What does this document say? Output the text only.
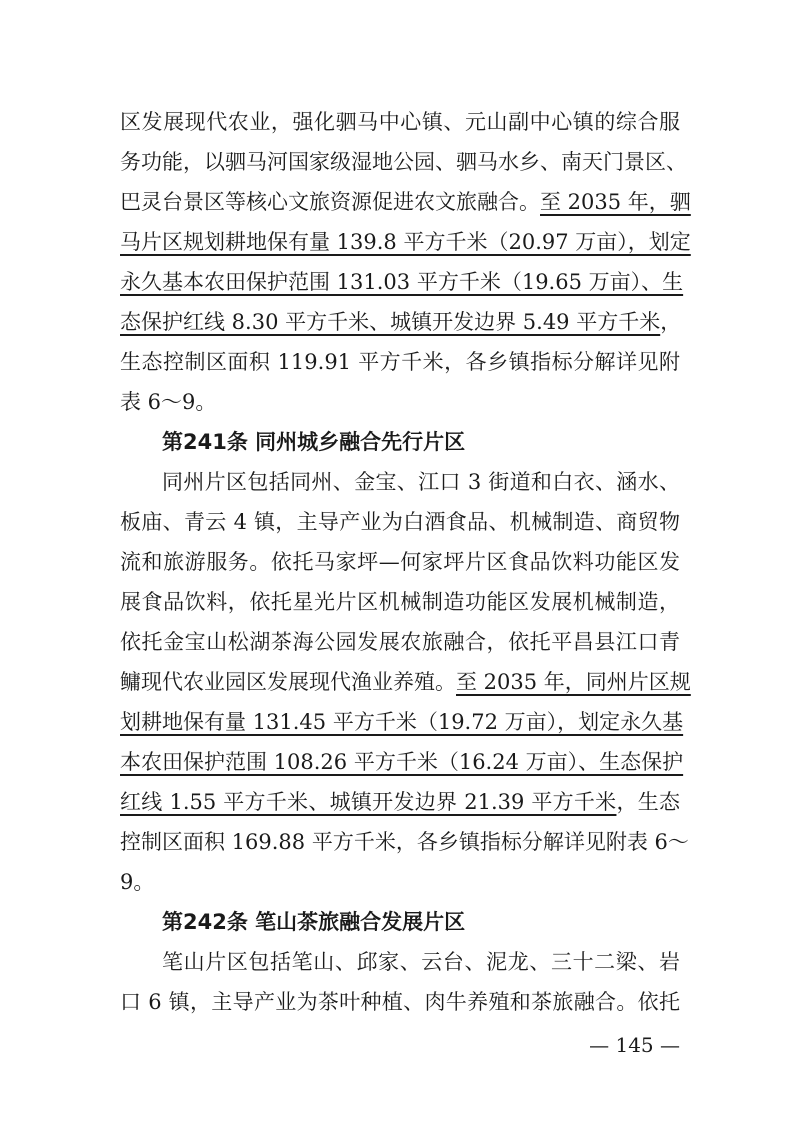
区发展现代农业，强化驷马中心镇、元山副中心镇的综合服
务功能，以驷马河国家级湿地公园、驷马水乡、南天门景区、
巴灵台景区等核心文旅资源促进农文旅融合。至 2035 年，驷
马片区规划耕地保有量 139.8 平方千米（20.97 万亩），划定
永久基本农田保护范围 131.03 平方千米（19.65 万亩）、生
态保护红线 8.30 平方千米、城镇开发边界 5.49 平方千米，
生态控制区面积 119.91 平方千米，各乡镇指标分解详见附
表 6～9。
第241条 同州城乡融合先行片区
同州片区包括同州、金宝、江口 3 街道和白衣、涵水、
板庙、青云 4 镇，主导产业为白酒食品、机械制造、商贸物
流和旅游服务。依托马家坪—何家坪片区食品饮料功能区发
展食品饮料，依托星光片区机械制造功能区发展机械制造，
依托金宝山松湖茶海公园发展农旅融合，依托平昌县江口青
鳙现代农业园区发展现代渔业养殖。至 2035 年，同州片区规
划耕地保有量 131.45 平方千米（19.72 万亩），划定永久基
本农田保护范围 108.26 平方千米（16.24 万亩）、生态保护
红线 1.55 平方千米、城镇开发边界 21.39 平方千米，生态
控制区面积 169.88 平方千米，各乡镇指标分解详见附表 6～
9。
第242条 笔山茶旅融合发展片区
笔山片区包括笔山、邱家、云台、泥龙、三十二梁、岩
口 6 镇，主导产业为茶叶种植、肉牛养殖和茶旅融合。依托
— 145 —
